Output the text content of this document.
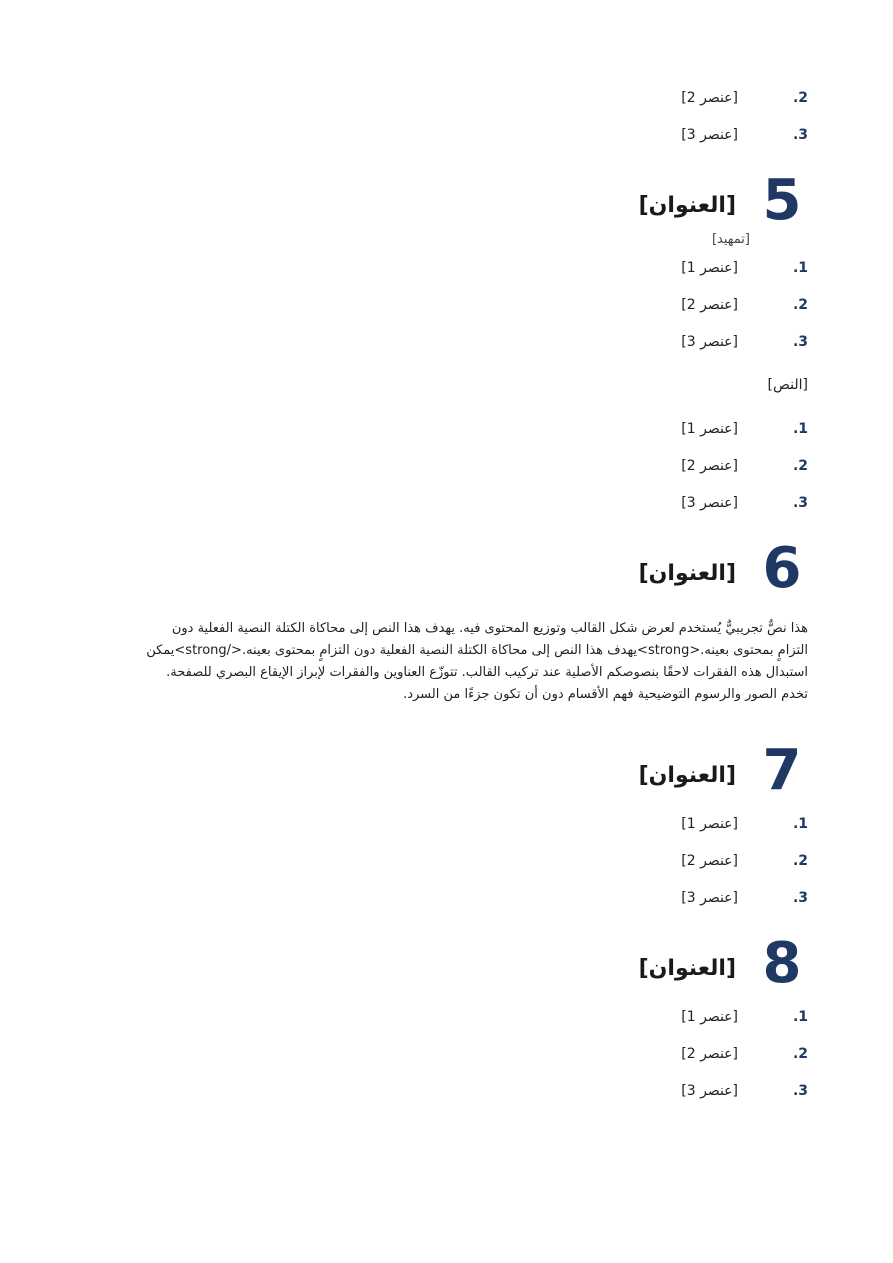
.2
[عنصر 2]
.3
[عنصر 3]
5
[العنوان]
[تمهيد]
.1
[عنصر 1]
.2
[عنصر 2]
.3
[عنصر 3]
[النص]
.1
[عنصر 1]
.2
[عنصر 2]
.3
[عنصر 3]
6
[العنوان]

هذا نصٌّ تجريبيٌّ يُستخدم لعرض شكل القالب وتوزيع المحتوى فيه. يهدف هذا النص إلى محاكاة الكتلة النصية الفعلية دون التزامٍ بمحتوى بعينه.<strong>يهدف هذا النص إلى محاكاة الكتلة النصية الفعلية دون التزامٍ بمحتوى بعينه.</strong>يمكن استبدال هذه الفقرات لاحقًا بنصوصكم الأصلية عند تركيب القالب. تتوزّع العناوين والفقرات لإبراز الإيقاع البصري للصفحة. تخدم الصور والرسوم التوضيحية فهم الأقسام دون أن تكون جزءًا من السرد.

7
[العنوان]
.1
[عنصر 1]
.2
[عنصر 2]
.3
[عنصر 3]
8
[العنوان]
.1
[عنصر 1]
.2
[عنصر 2]
.3
[عنصر 3]
